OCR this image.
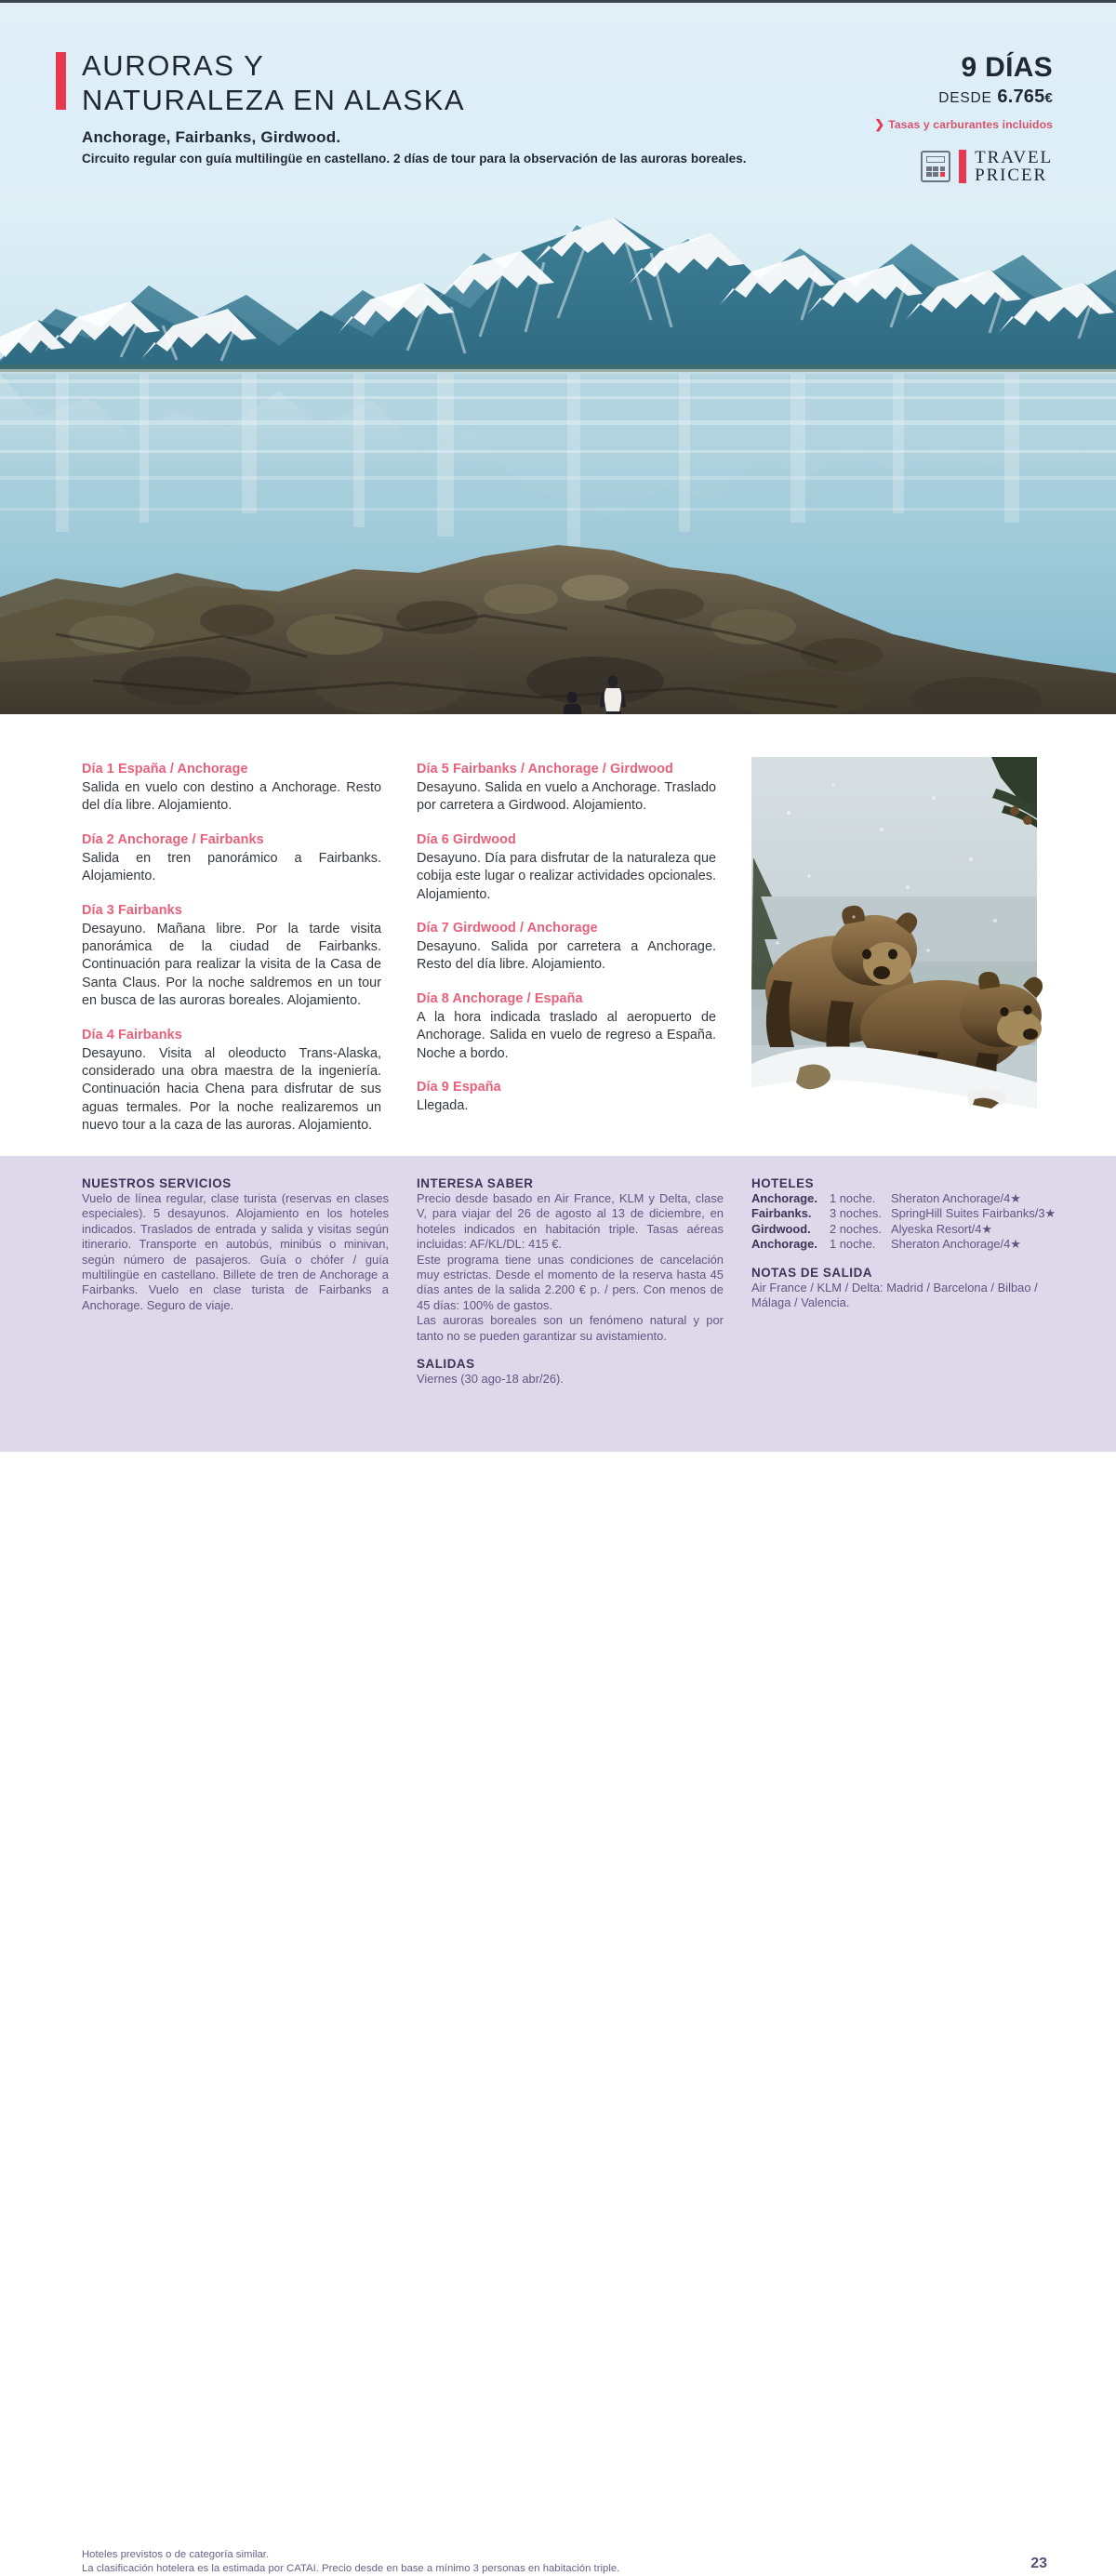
AURORAS Y
NATURALEZA EN ALASKA
Anchorage, Fairbanks, Girdwood.
Circuito regular con guía multilingüe en castellano. 2 días de tour para la observación de las auroras boreales.
9 DÍAS
DESDE 6.765€
❯ Tasas y carburantes incluidos
TRAVEL
PRICER
Día 1 España / Anchorage
Salida en vuelo con destino a Anchorage. Resto del día libre. Alojamiento.
Día 2 Anchorage / Fairbanks
Salida en tren panorámico a Fairbanks. Alojamiento.
Día 3 Fairbanks
Desayuno. Mañana libre. Por la tarde visita panorámica de la ciudad de Fairbanks. Continuación para realizar la visita de la Casa de Santa Claus. Por la noche saldremos en un tour en busca de las auroras boreales. Alojamiento.
Día 4 Fairbanks
Desayuno. Visita al oleoducto Trans-Alaska, considerado una obra maestra de la ingeniería. Continuación hacia Chena para disfrutar de sus aguas termales. Por la noche realizaremos un nuevo tour a la caza de las auroras. Alojamiento.
Día 5 Fairbanks / Anchorage / Girdwood
Desayuno. Salida en vuelo a Anchorage. Traslado por carretera a Girdwood. Alojamiento.
Día 6 Girdwood
Desayuno. Día para disfrutar de la naturaleza que cobija este lugar o realizar actividades opcionales. Alojamiento.
Día 7 Girdwood / Anchorage
Desayuno. Salida por carretera a Anchorage. Resto del día libre. Alojamiento.
Día 8 Anchorage / España
A la hora indicada traslado al aeropuerto de Anchorage. Salida en vuelo de regreso a España. Noche a bordo.
Día 9 España
Llegada.
NUESTROS SERVICIOS
Vuelo de línea regular, clase turista (reservas en clases especiales). 5 desayunos. Alojamiento en los hoteles indicados. Traslados de entrada y salida y visitas según itinerario. Transporte en autobús, minibús o minivan, según número de pasajeros. Guía o chófer / guía multilingüe en castellano. Billete de tren de Anchorage a Fairbanks. Vuelo en clase turista de Fairbanks a Anchorage. Seguro de viaje.
INTERESA SABER
Precio desde basado en Air France, KLM y Delta, clase V, para viajar del 26 de agosto al 13 de diciembre, en hoteles indicados en habitación triple. Tasas aéreas incluidas: AF/KL/DL: 415 €.
Este programa tiene unas condiciones de cancelación muy estrictas. Desde el momento de la reserva hasta 45 días antes de la salida 2.200 € p. / pers. Con menos de 45 días: 100% de gastos.
Las auroras boreales son un fenómeno natural y por tanto no se pueden garantizar su avistamiento.
SALIDAS
Viernes (30 ago-18 abr/26).
HOTELES
Anchorage. 1 noche. Sheraton Anchorage/4★
Fairbanks. 3 noches. SpringHill Suites Fairbanks/3★
Girdwood. 2 noches. Alyeska Resort/4★
Anchorage. 1 noche. Sheraton Anchorage/4★
NOTAS DE SALIDA
Air France / KLM / Delta: Madrid / Barcelona / Bilbao / Málaga / Valencia.
Hoteles previstos o de categoría similar.
La clasificación hotelera es la estimada por CATAI. Precio desde en base a mínimo 3 personas en habitación triple.	23
